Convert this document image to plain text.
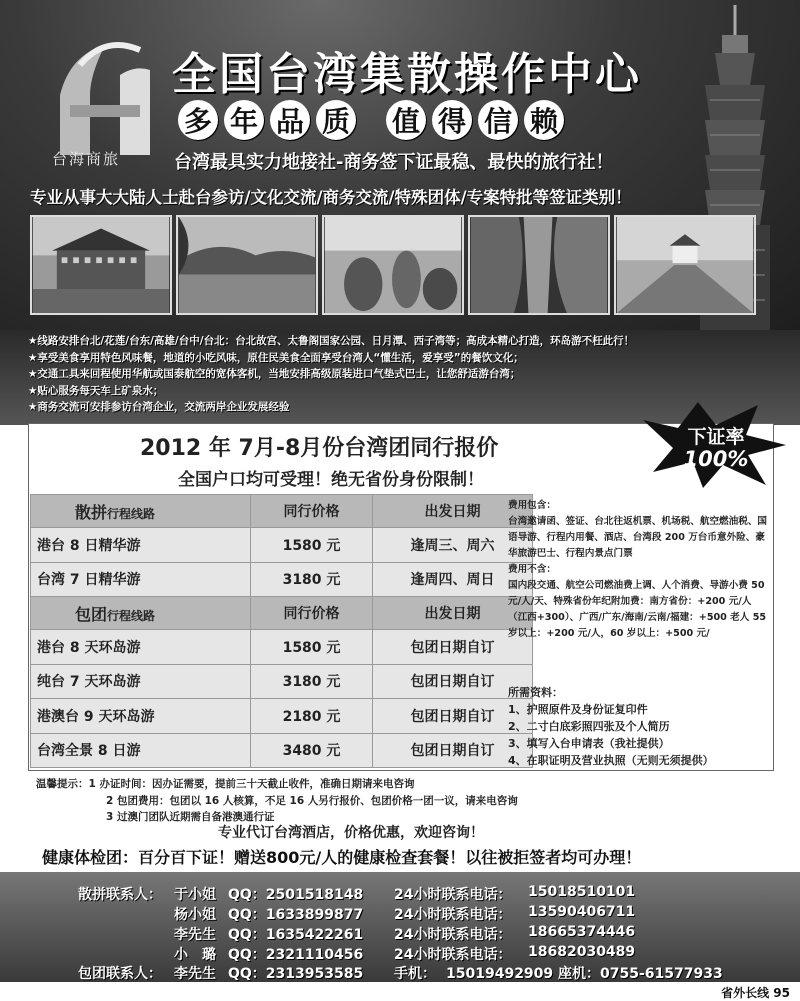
台海商旅
全国台湾集散操作中心
多 年 品 质 值 得 信 赖
台湾最具实力地接社-商务签下证最稳、最快的旅行社！
专业从事大大陆人士赴台参访/文化交流/商务交流/特殊团体/专案特批等签证类别！
★线路安排台北/花莲/台东/高雄/台中/台北：台北故宫、太鲁阁国家公园、日月潭、西子湾等；高成本精心打造，环岛游不枉此行！
★享受美食享用特色风味餐，地道的小吃风味，原住民美食全面享受台湾人“懂生活，爱享受”的餐饮文化；
★交通工具来回程使用华航或国泰航空的宽体客机，当地安排高级原装进口气垫式巴士，让您舒适游台湾；
★贴心服务每天车上矿泉水；
★商务交流可安排参访台湾企业，交流两岸企业发展经验
2012 年 7月-8月份台湾团同行报价
全国户口均可受理！绝无省份身份限制！
下证率
100%
散拼行程线路	同行价格	出发日期
港台 8 日精华游	1580 元	逢周三、周六
台湾 7 日精华游	3180 元	逢周四、周日
包团行程线路	同行价格	出发日期
港台 8 天环岛游	1580 元	包团日期自订
纯台 7 天环岛游	3180 元	包团日期自订
港澳台 9 天环岛游	2180 元	包团日期自订
台湾全景 8 日游	3480 元	包团日期自订
费用包含：
台湾邀请函、签证、台北往返机票、机场税、航空燃油税、国语导游、行程内用餐、酒店、台湾段 200 万台币意外险、豪华旅游巴士、行程内景点门票
费用不含：
国内段交通、航空公司燃油费上调、人个消费、导游小费 50 元/人/天、特殊省份年纪附加费：南方省份：+200 元/人（江西+300）、广西/广东/海南/云南/福建：+500 老人 55 岁以上：+200 元/人，60 岁以上：+500 元/
所需资料：
1、护照原件及身份证复印件
2、二寸白底彩照四张及个人简历
3、填写入台申请表（我社提供）
4、在职证明及营业执照（无则无须提供）
温馨提示：1 办证时间：因办证需要，提前三十天截止收件，准确日期请来电咨询
2 包团费用：包团以 16 人核算，不足 16 人另行报价、包团价格一团一议，请来电咨询
3 过澳门团队近期需自备港澳通行证
专业代订台湾酒店，价格优惠，欢迎咨询！
健康体检团：百分百下证！赠送800元/人的健康检查套餐！以往被拒签者均可办理！
散拼联系人： 于小姐 QQ：2501518148 24小时联系电话： 15018510101
杨小姐 QQ：1633899877 24小时联系电话： 13590406711
李先生 QQ：1635422261 24小时联系电话： 18665374446
小　璐 QQ：2321110456 24小时联系电话： 18682030489
包团联系人： 李先生 QQ：2313953585 手机： 15019492909 座机：0755-61577933
省外长线 95
